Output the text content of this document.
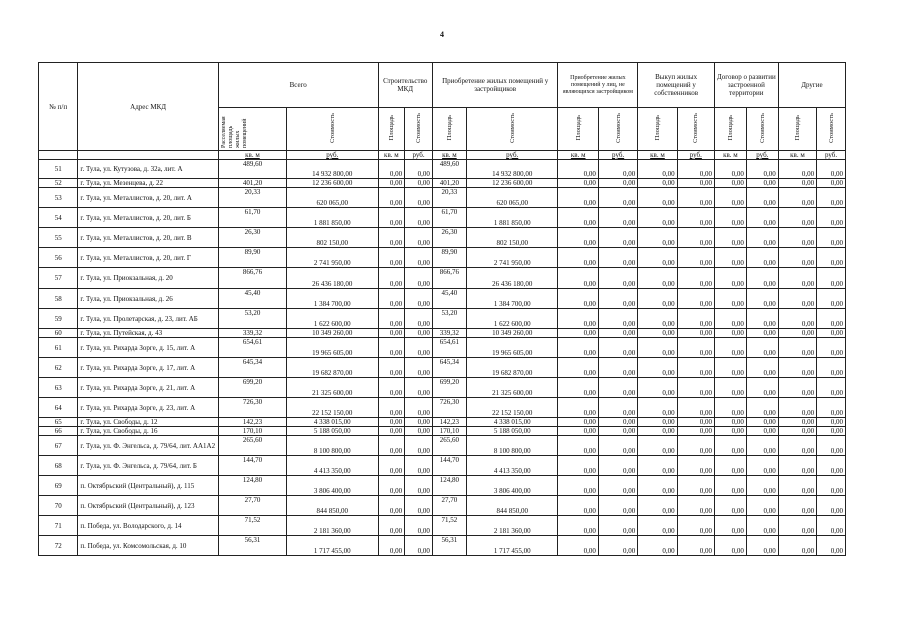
4
№ п/п	Адрес МКД	Всего		Строительство МКД		Приобретение жилых помещений у застройщиков		Приобретение жилых помещений у лиц, не являющихся застройщиком		Выкуп жилых помещений у собственников		Договор о развитии застроенной территории		Другие	
		Расселяемая площадь жилых помещений	Стоимость	Площадь	Стоимость	Площадь	Стоимость	Площадь	Стоимость	Площадь	Стоимость	Площадь	Стоимость	Площадь	Стоимость
		кв. м	руб.	кв. м	руб.	кв. м	руб.	кв. м	руб.	кв. м	руб.	кв. м	руб.	кв. м	руб.
51	г. Тула, ул. Кутузова, д. 32а, лит. А	489,60	14 932 800,00	0,00	0,00	489,60	14 932 800,00	0,00	0,00	0,00	0,00	0,00	0,00	0,00	0,00
52	г. Тула, ул. Мезенцева, д. 22	401,20	12 236 600,00	0,00	0,00	401,20	12 236 600,00	0,00	0,00	0,00	0,00	0,00	0,00	0,00	0,00
53	г. Тула, ул. Металлистов, д. 20, лит. А	20,33	620 065,00	0,00	0,00	20,33	620 065,00	0,00	0,00	0,00	0,00	0,00	0,00	0,00	0,00
54	г. Тула, ул. Металлистов, д. 20, лит. Б	61,70	1 881 850,00	0,00	0,00	61,70	1 881 850,00	0,00	0,00	0,00	0,00	0,00	0,00	0,00	0,00
55	г. Тула, ул. Металлистов, д. 20, лит. В	26,30	802 150,00	0,00	0,00	26,30	802 150,00	0,00	0,00	0,00	0,00	0,00	0,00	0,00	0,00
56	г. Тула, ул. Металлистов, д. 20, лит. Г	89,90	2 741 950,00	0,00	0,00	89,90	2 741 950,00	0,00	0,00	0,00	0,00	0,00	0,00	0,00	0,00
57	г. Тула, ул. Приокзальная, д. 20	866,76	26 436 180,00	0,00	0,00	866,76	26 436 180,00	0,00	0,00	0,00	0,00	0,00	0,00	0,00	0,00
58	г. Тула, ул. Приокзальная, д. 26	45,40	1 384 700,00	0,00	0,00	45,40	1 384 700,00	0,00	0,00	0,00	0,00	0,00	0,00	0,00	0,00
59	г. Тула, ул. Пролетарская, д. 23, лит. АБ	53,20	1 622 600,00	0,00	0,00	53,20	1 622 600,00	0,00	0,00	0,00	0,00	0,00	0,00	0,00	0,00
60	г. Тула, ул. Путейская, д. 43	339,32	10 349 260,00	0,00	0,00	339,32	10 349 260,00	0,00	0,00	0,00	0,00	0,00	0,00	0,00	0,00
61	г. Тула, ул. Рихарда Зорге, д. 15, лит. А	654,61	19 965 605,00	0,00	0,00	654,61	19 965 605,00	0,00	0,00	0,00	0,00	0,00	0,00	0,00	0,00
62	г. Тула, ул. Рихарда Зорге, д. 17, лит. А	645,34	19 682 870,00	0,00	0,00	645,34	19 682 870,00	0,00	0,00	0,00	0,00	0,00	0,00	0,00	0,00
63	г. Тула, ул. Рихарда Зорге, д. 21, лит. А	699,20	21 325 600,00	0,00	0,00	699,20	21 325 600,00	0,00	0,00	0,00	0,00	0,00	0,00	0,00	0,00
64	г. Тула, ул. Рихарда Зорге, д. 23, лит. А	726,30	22 152 150,00	0,00	0,00	726,30	22 152 150,00	0,00	0,00	0,00	0,00	0,00	0,00	0,00	0,00
65	г. Тула, ул. Свободы, д. 12	142,23	4 338 015,00	0,00	0,00	142,23	4 338 015,00	0,00	0,00	0,00	0,00	0,00	0,00	0,00	0,00
66	г. Тула, ул. Свободы, д. 16	170,10	5 188 050,00	0,00	0,00	170,10	5 188 050,00	0,00	0,00	0,00	0,00	0,00	0,00	0,00	0,00
67	г. Тула, ул. Ф. Энгельса, д. 79/64, лит. АА1А2	265,60	8 100 800,00	0,00	0,00	265,60	8 100 800,00	0,00	0,00	0,00	0,00	0,00	0,00	0,00	0,00
68	г. Тула, ул. Ф. Энгельса, д. 79/64, лит. Б	144,70	4 413 350,00	0,00	0,00	144,70	4 413 350,00	0,00	0,00	0,00	0,00	0,00	0,00	0,00	0,00
69	п. Октябрьский (Центральный), д. 115	124,80	3 806 400,00	0,00	0,00	124,80	3 806 400,00	0,00	0,00	0,00	0,00	0,00	0,00	0,00	0,00
70	п. Октябрьский (Центральный), д. 123	27,70	844 850,00	0,00	0,00	27,70	844 850,00	0,00	0,00	0,00	0,00	0,00	0,00	0,00	0,00
71	п. Победа, ул. Володарского, д. 14	71,52	2 181 360,00	0,00	0,00	71,52	2 181 360,00	0,00	0,00	0,00	0,00	0,00	0,00	0,00	0,00
72	п. Победа, ул. Комсомольская, д. 10	56,31	1 717 455,00	0,00	0,00	56,31	1 717 455,00	0,00	0,00	0,00	0,00	0,00	0,00	0,00	0,00
